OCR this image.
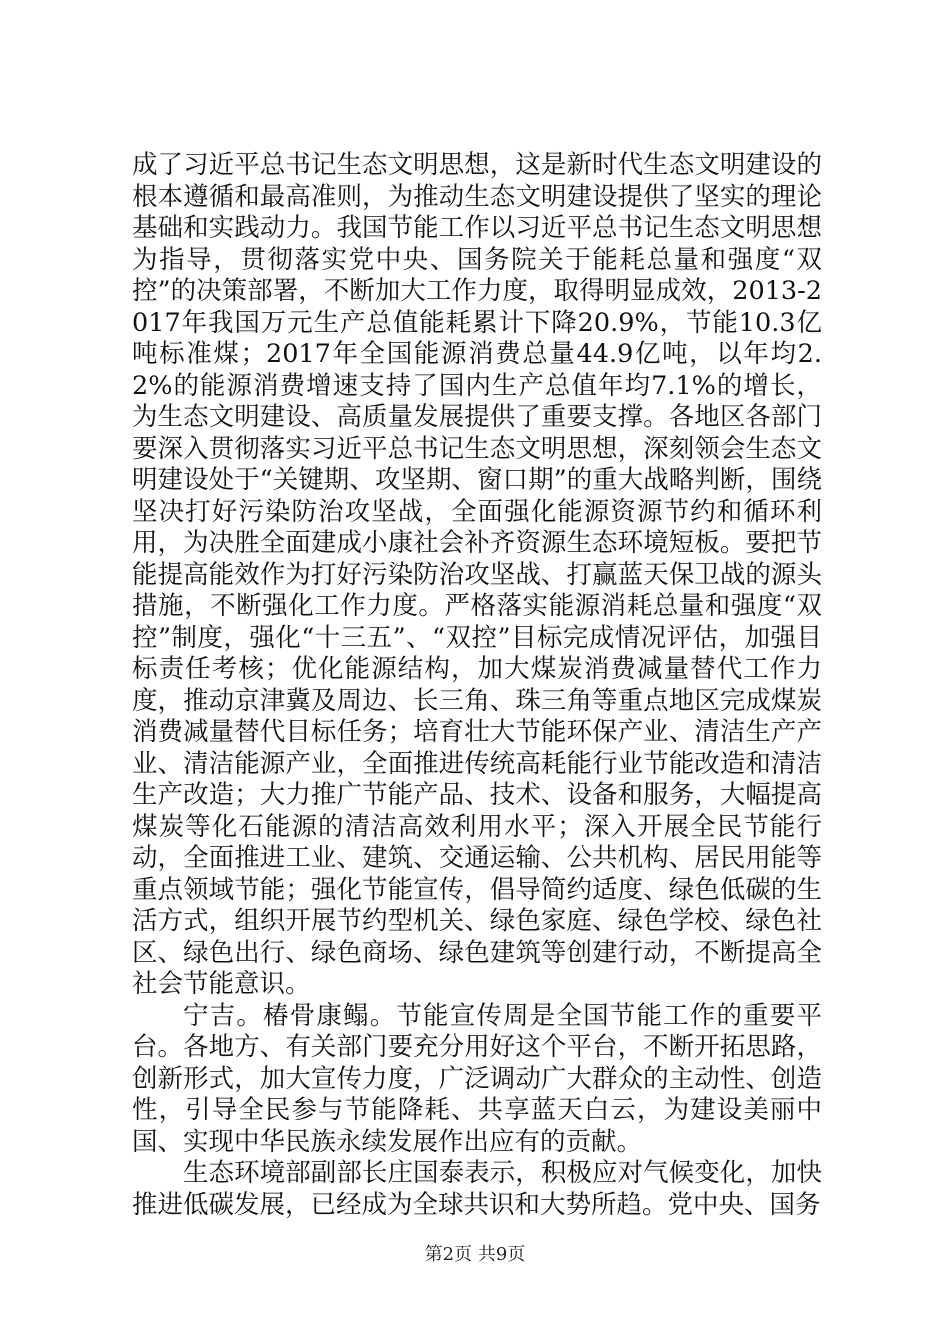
成了习近平总书记生态文明思想，这是新时代生态文明建设的根本遵循和最高准则，为推动生态文明建设提供了坚实的理论基础和实践动力。我国节能工作以习近平总书记生态文明思想为指导，贯彻落实党中央、国务院关于能耗总量和强度“双控”的决策部署，不断加大工作力度，取得明显成效，2013-2017年我国万元生产总值能耗累计下降20.9%，节能10.3亿吨标准煤；2017年全国能源消费总量44.9亿吨，以年均2.2%的能源消费增速支持了国内生产总值年均7.1%的增长，为生态文明建设、高质量发展提供了重要支撑。各地区各部门要深入贯彻落实习近平总书记生态文明思想，深刻领会生态文明建设处于“关键期、攻坚期、窗口期”的重大战略判断，围绕坚决打好污染防治攻坚战，全面强化能源资源节约和循环利用，为决胜全面建成小康社会补齐资源生态环境短板。要把节能提高能效作为打好污染防治攻坚战、打赢蓝天保卫战的源头措施，不断强化工作力度。严格落实能源消耗总量和强度“双控”制度，强化“十三五”、“双控”目标完成情况评估，加强目标责任考核；优化能源结构，加大煤炭消费减量替代工作力度，推动京津冀及周边、长三角、珠三角等重点地区完成煤炭消费减量替代目标任务；培育壮大节能环保产业、清洁生产产业、清洁能源产业，全面推进传统高耗能行业节能改造和清洁生产改造；大力推广节能产品、技术、设备和服务，大幅提高煤炭等化石能源的清洁高效利用水平；深入开展全民节能行动，全面推进工业、建筑、交通运输、公共机构、居民用能等重点领域节能；强化节能宣传，倡导简约适度、绿色低碳的生活方式，组织开展节约型机关、绿色家庭、绿色学校、绿色社区、绿色出行、绿色商场、绿色建筑等创建行动，不断提高全社会节能意识。

宁吉。椿骨康鳎。节能宣传周是全国节能工作的重要平台。各地方、有关部门要充分用好这个平台，不断开拓思路，创新形式，加大宣传力度，广泛调动广大群众的主动性、创造性，引导全民参与节能降耗、共享蓝天白云，为建设美丽中国、实现中华民族永续发展作出应有的贡献。

生态环境部副部长庄国泰表示，积极应对气候变化，加快推进低碳发展，已经成为全球共识和大势所趋。党中央、国务

第2页 共9页
